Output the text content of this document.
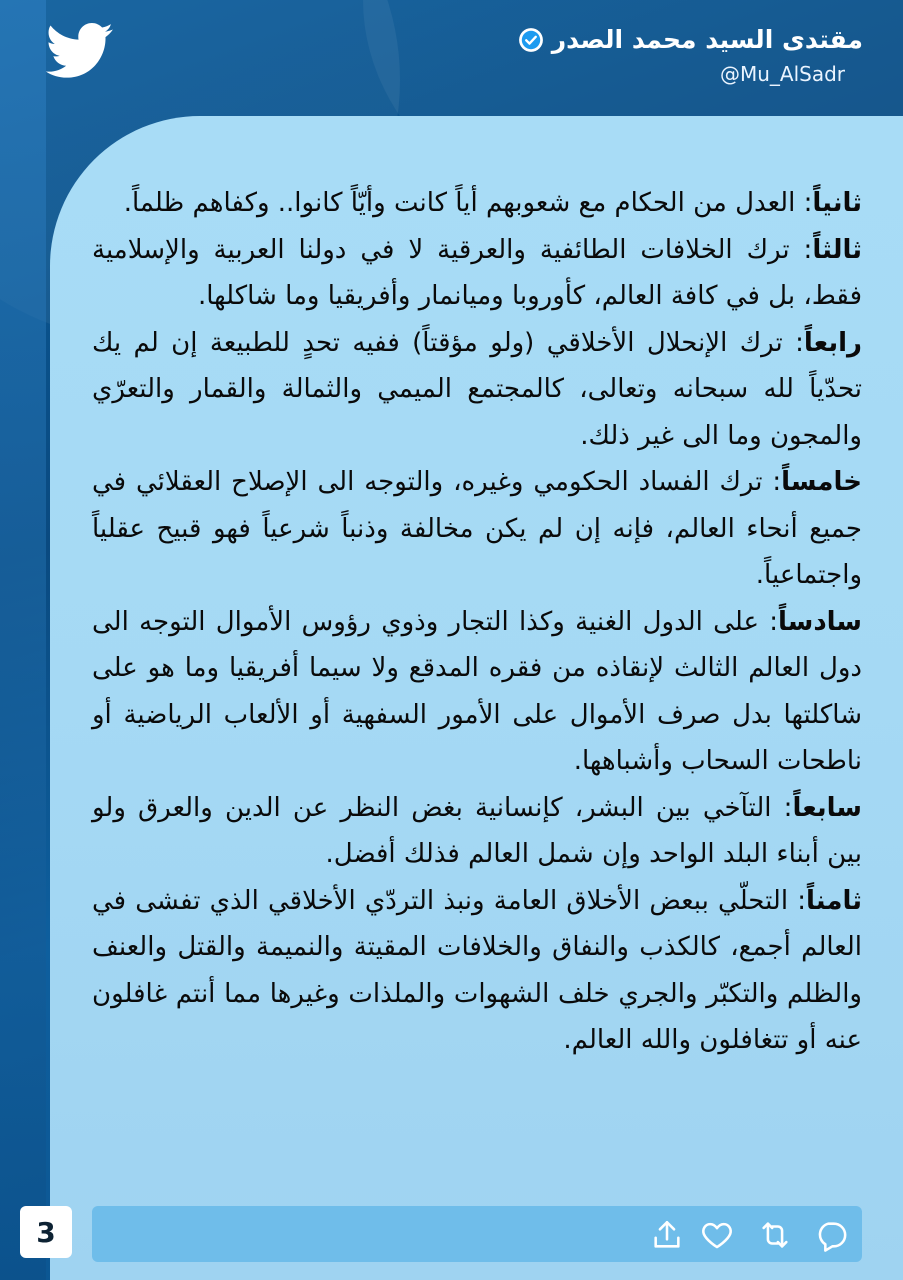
مقتدى السيد محمد الصدر
@Mu_AlSadr

ثانياً: العدل من الحكام مع شعوبهم أياً كانت وأيّاً كانوا.. وكفاهم ظلماً.

ثالثاً: ترك الخلافات الطائفية والعرقية لا في دولنا العربية والإسلامية فقط، بل في كافة العالم، كأوروبا وميانمار وأفريقيا وما شاكلها.

رابعاً: ترك الإنحلال الأخلاقي (ولو مؤقتاً) ففيه تحدٍ للطبيعة إن لم يك تحدّياً لله سبحانه وتعالى، كالمجتمع الميمي والثمالة والقمار والتعرّي والمجون وما الى غير ذلك.

خامساً: ترك الفساد الحكومي وغيره، والتوجه الى الإصلاح العقلائي في جميع أنحاء العالم، فإنه إن لم يكن مخالفة وذنباً شرعياً فهو قبيح عقلياً واجتماعياً.

سادساً: على الدول الغنية وكذا التجار وذوي رؤوس الأموال التوجه الى دول العالم الثالث لإنقاذه من فقره المدقع ولا سيما أفريقيا وما هو على شاكلتها بدل صرف الأموال على الأمور السفهية أو الألعاب الرياضية أو ناطحات السحاب وأشباهها.

سابعاً: التآخي بين البشر، كإنسانية بغض النظر عن الدين والعرق ولو بين أبناء البلد الواحد وإن شمل العالم فذلك أفضل.

ثامناً: التحلّي ببعض الأخلاق العامة ونبذ التردّي الأخلاقي الذي تفشى في العالم أجمع، كالكذب والنفاق والخلافات المقيتة والنميمة والقتل والعنف والظلم والتكبّر والجري خلف الشهوات والملذات وغيرها مما أنتم غافلون عنه أو تتغافلون والله العالم.

3
